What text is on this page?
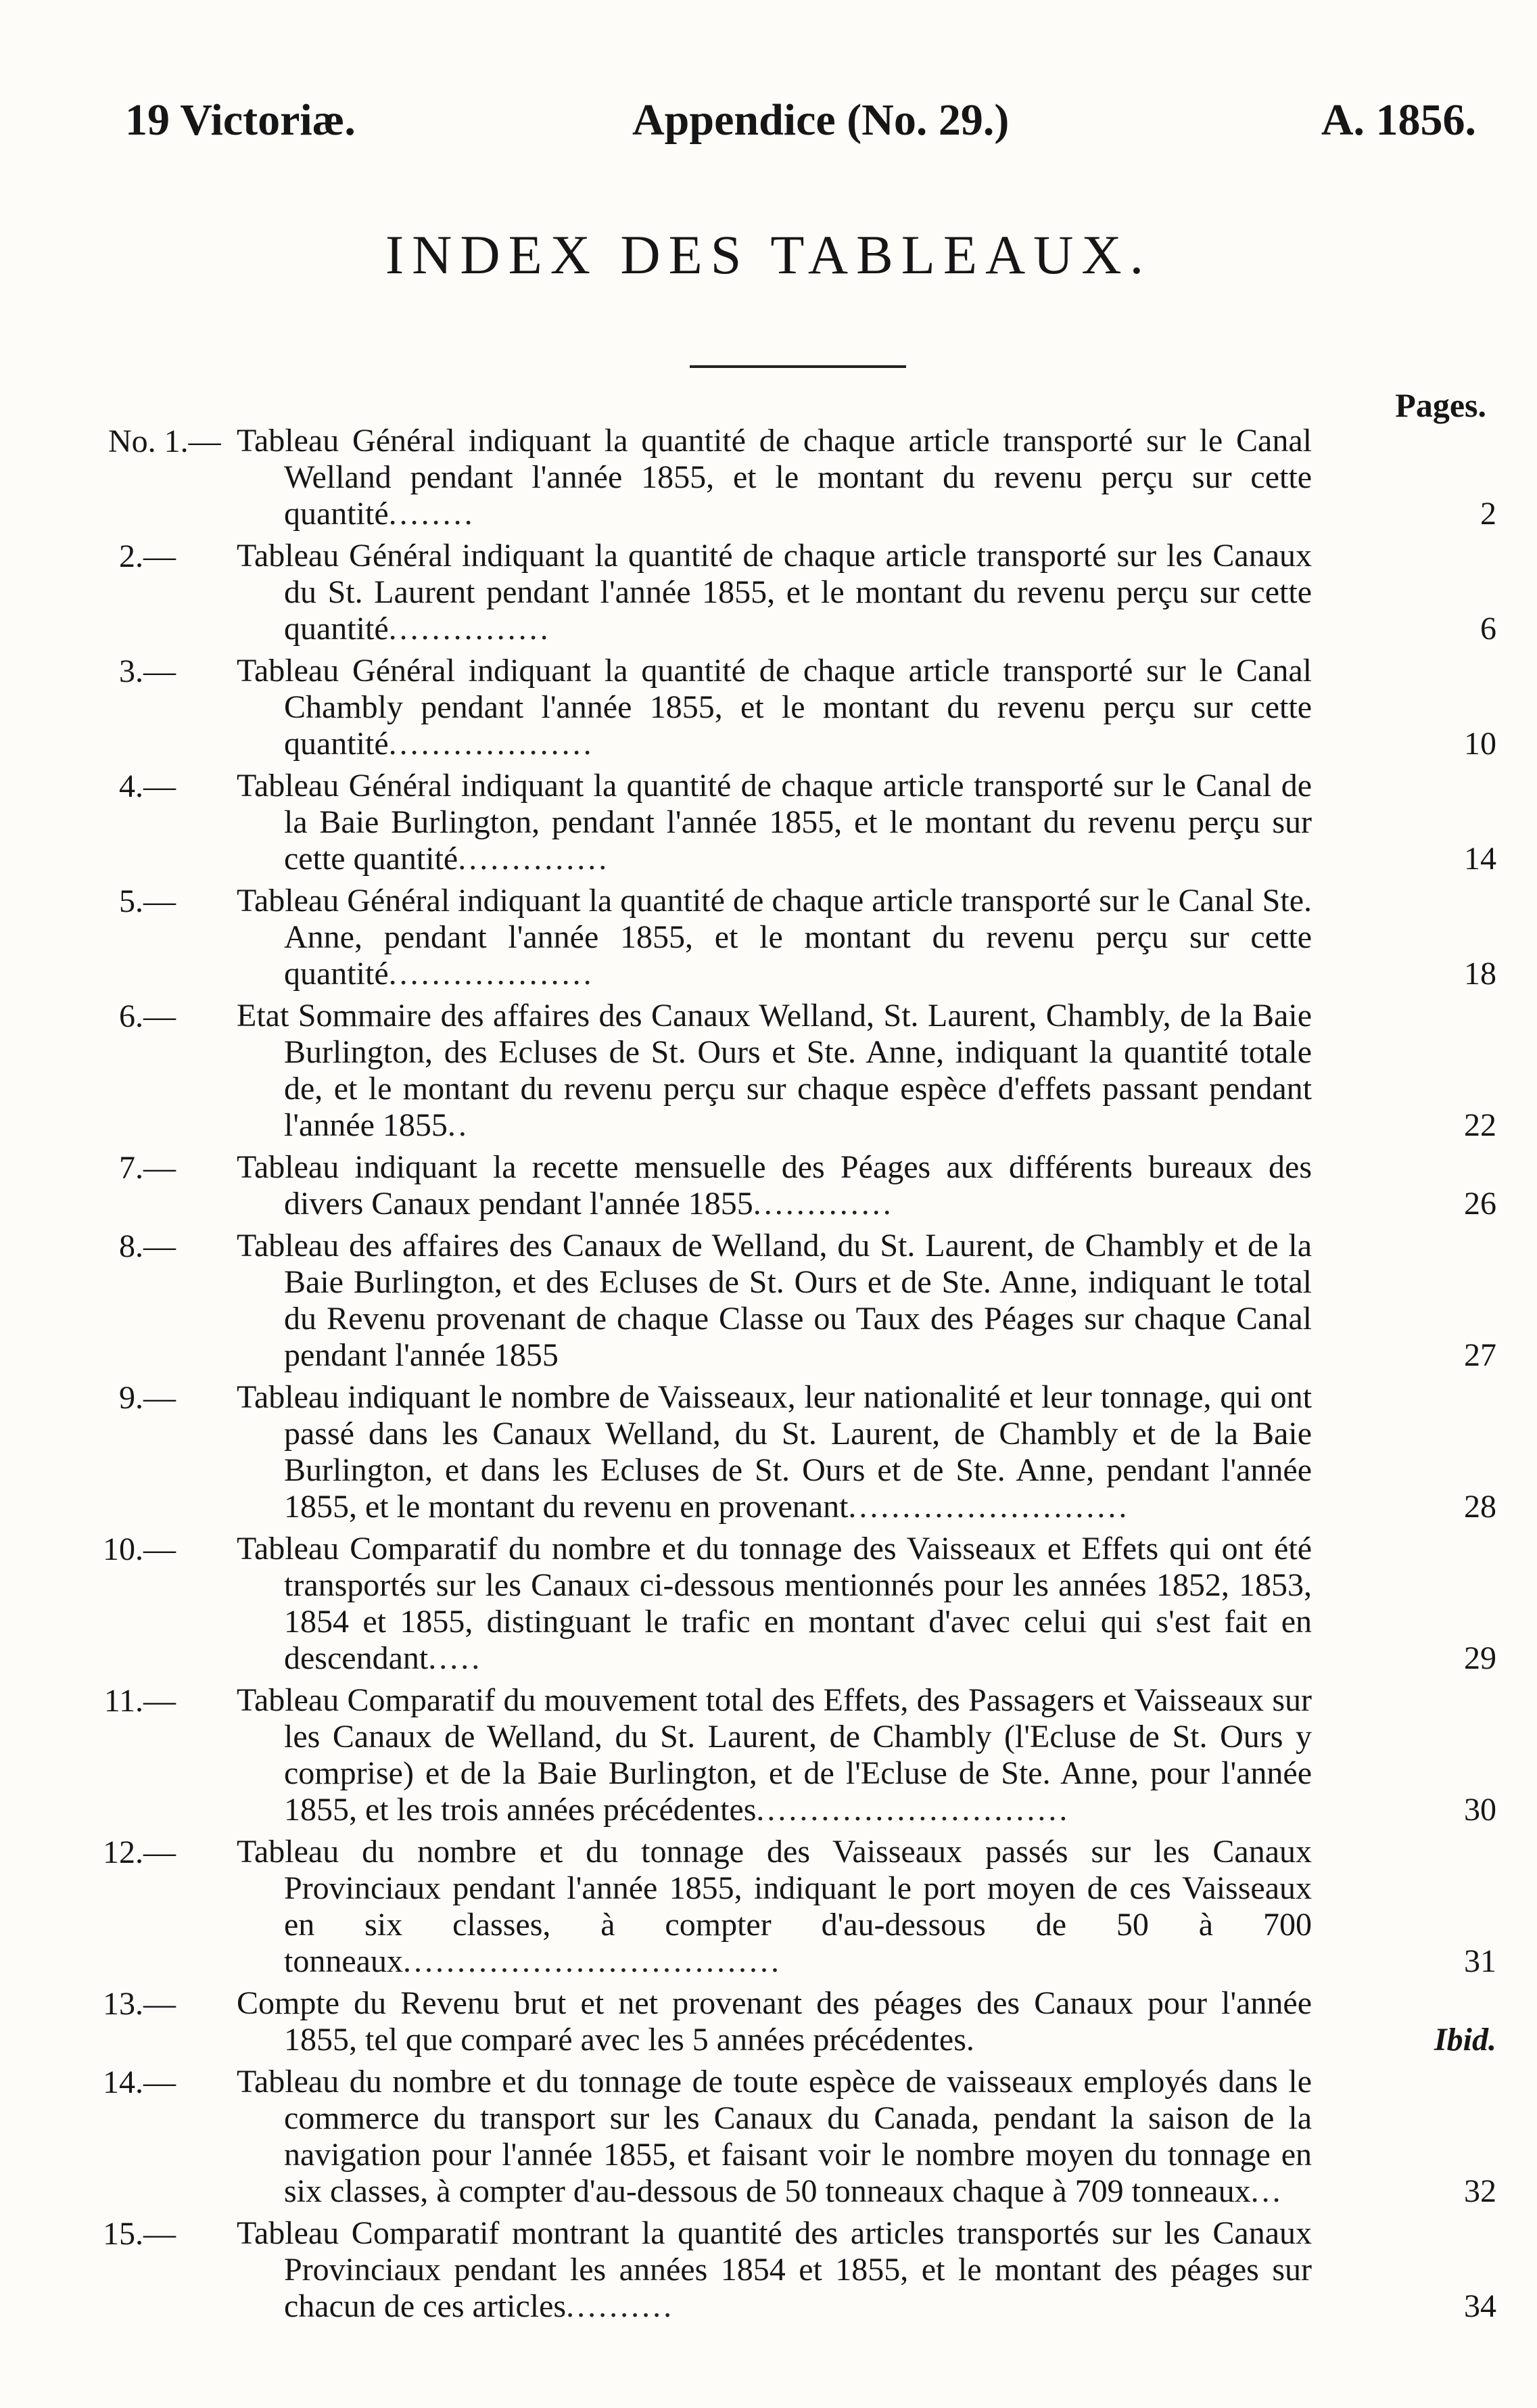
19 Victoriæ.	Appendice (No. 29.)	A. 1856.
INDEX DES TABLEAUX.
Pages.
No. 1.— Tableau Général indiquant la quantité de chaque article transporté sur le Canal Welland pendant l'année 1855, et le montant du revenu perçu sur cette quantité........	2
2.— Tableau Général indiquant la quantité de chaque article transporté sur les Canaux du St. Laurent pendant l'année 1855, et le montant du revenu perçu sur cette quantité...............	6
3.— Tableau Général indiquant la quantité de chaque article transporté sur le Canal Chambly pendant l'année 1855, et le montant du revenu perçu sur cette quantité...................	10
4.— Tableau Général indiquant la quantité de chaque article transporté sur le Canal de la Baie Burlington, pendant l'année 1855, et le montant du revenu perçu sur cette quantité..............	14
5.— Tableau Général indiquant la quantité de chaque article transporté sur le Canal Ste. Anne, pendant l'année 1855, et le montant du revenu perçu sur cette quantité...................	18
6.— Etat Sommaire des affaires des Canaux Welland, St. Laurent, Chambly, de la Baie Burlington, des Ecluses de St. Ours et Ste. Anne, indiquant la quantité totale de, et le montant du revenu perçu sur chaque espèce d'effets passant pendant l'année 1855..	22
7.— Tableau indiquant la recette mensuelle des Péages aux différents bureaux des divers Canaux pendant l'année 1855.............	26
8.— Tableau des affaires des Canaux de Welland, du St. Laurent, de Chambly et de la Baie Burlington, et des Ecluses de St. Ours et de Ste. Anne, indiquant le total du Revenu provenant de chaque Classe ou Taux des Péages sur chaque Canal pendant l'année 1855	27
9.— Tableau indiquant le nombre de Vaisseaux, leur nationalité et leur tonnage, qui ont passé dans les Canaux Welland, du St. Laurent, de Chambly et de la Baie Burlington, et dans les Ecluses de St. Ours et de Ste. Anne, pendant l'année 1855, et le montant du revenu en provenant..........................	28
10.— Tableau Comparatif du nombre et du tonnage des Vaisseaux et Effets qui ont été transportés sur les Canaux ci-dessous mentionnés pour les années 1852, 1853, 1854 et 1855, distinguant le trafic en montant d'avec celui qui s'est fait en descendant.....	29
11.— Tableau Comparatif du mouvement total des Effets, des Passagers et Vaisseaux sur les Canaux de Welland, du St. Laurent, de Chambly (l'Ecluse de St. Ours y comprise) et de la Baie Burlington, et de l'Ecluse de Ste. Anne, pour l'année 1855, et les trois années précédentes.............................	30
12.— Tableau du nombre et du tonnage des Vaisseaux passés sur les Canaux Provinciaux pendant l'année 1855, indiquant le port moyen de ces Vaisseaux en six classes, à compter d'au-dessous de 50 à 700 tonneaux...................................	31
13.— Compte du Revenu brut et net provenant des péages des Canaux pour l'année 1855, tel que comparé avec les 5 années précédentes.	Ibid.
14.— Tableau du nombre et du tonnage de toute espèce de vaisseaux employés dans le commerce du transport sur les Canaux du Canada, pendant la saison de la navigation pour l'année 1855, et faisant voir le nombre moyen du tonnage en six classes, à compter d'au-dessous de 50 tonneaux chaque à 709 tonneaux...	32
15.— Tableau Comparatif montrant la quantité des articles transportés sur les Canaux Provinciaux pendant les années 1854 et 1855, et le montant des péages sur chacun de ces articles..........	34
